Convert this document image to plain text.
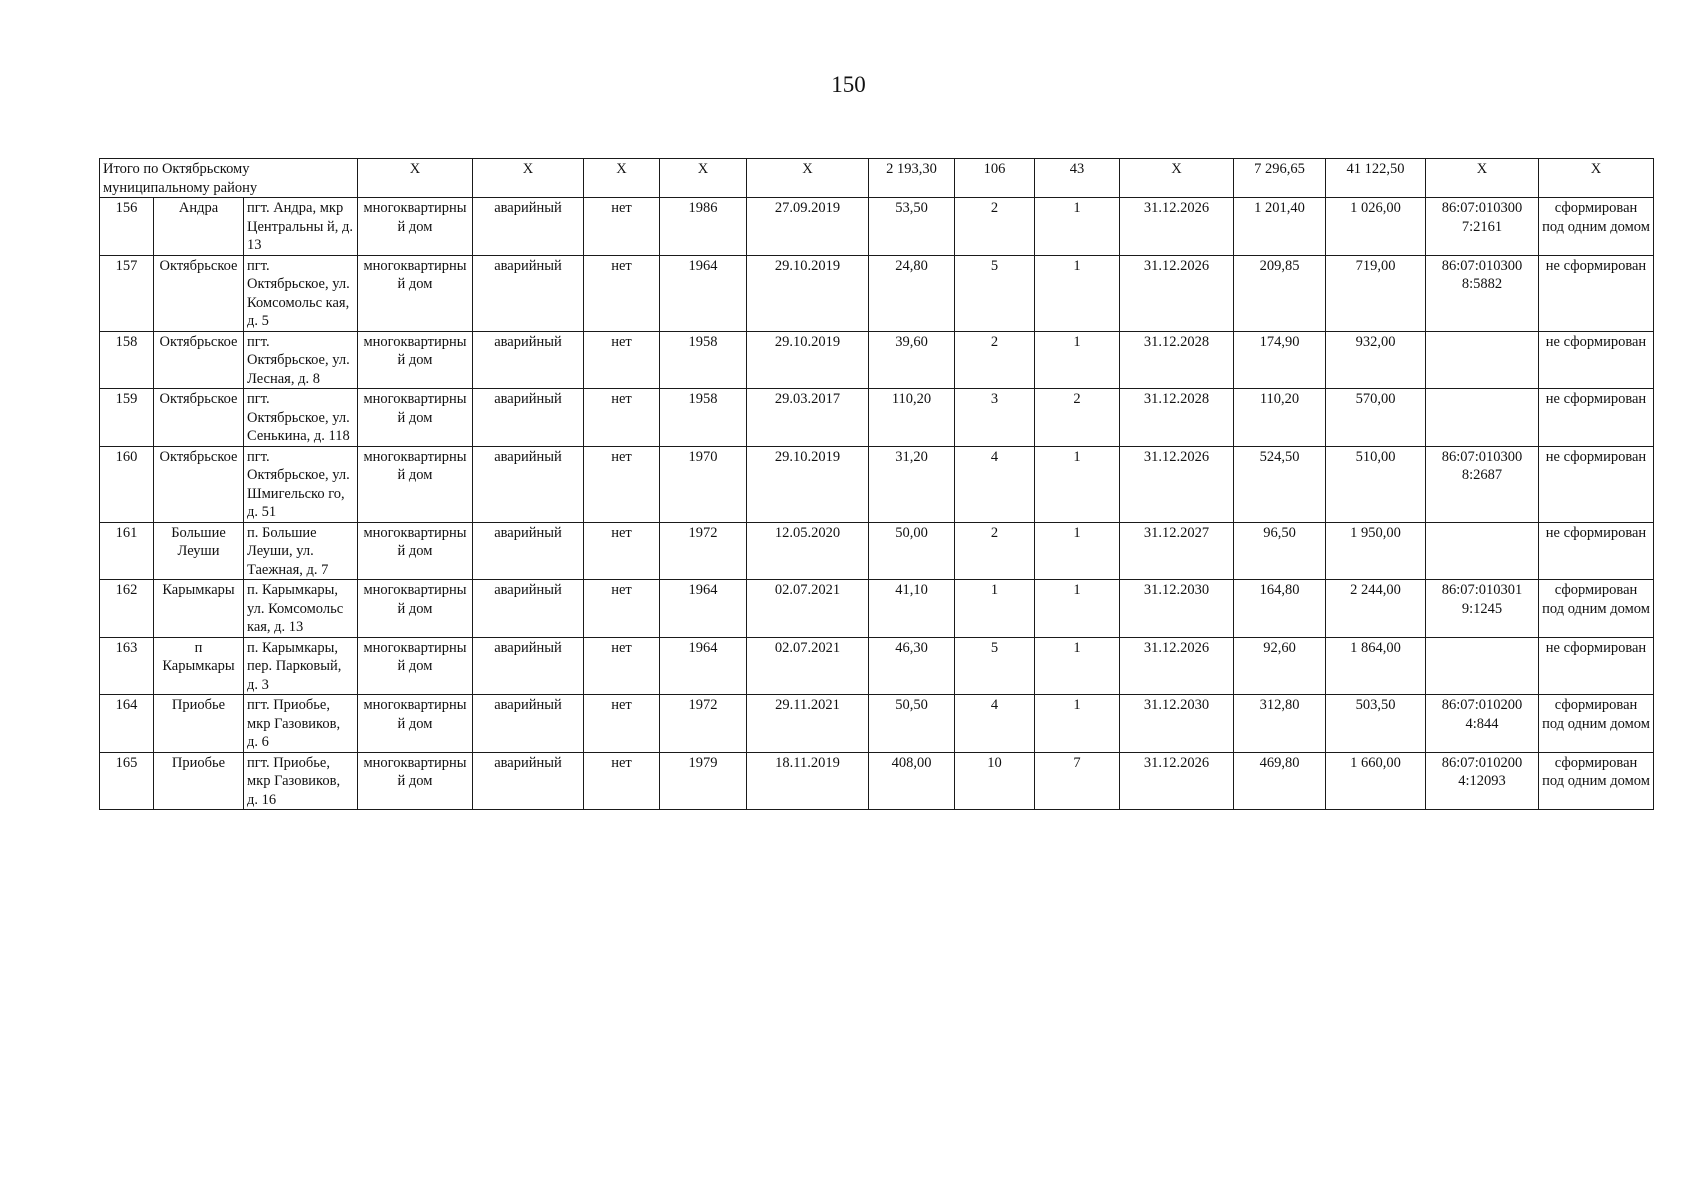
150
Итого по Октябрьскому муниципальному району			X	X	X	X	X	2 193,30	106	43	X	7 296,65	41 122,50	X	X
156	Андра	пгт. Андра, мкр Центральны й, д. 13	многоквартирный дом	аварийный	нет	1986	27.09.2019	53,50	2	1	31.12.2026	1 201,40	1 026,00	86:07:010300 7:2161	сформирован под одним домом
157	Октябрьское	пгт. Октябрьское, ул. Комсомольс кая, д. 5	многоквартирный дом	аварийный	нет	1964	29.10.2019	24,80	5	1	31.12.2026	209,85	719,00	86:07:010300 8:5882	не сформирован
158	Октябрьское	пгт. Октябрьское, ул. Лесная, д. 8	многоквартирный дом	аварийный	нет	1958	29.10.2019	39,60	2	1	31.12.2028	174,90	932,00		не сформирован
159	Октябрьское	пгт. Октябрьское, ул. Сенькина, д. 118	многоквартирный дом	аварийный	нет	1958	29.03.2017	110,20	3	2	31.12.2028	110,20	570,00		не сформирован
160	Октябрьское	пгт. Октябрьское, ул. Шмигельско го, д. 51	многоквартирный дом	аварийный	нет	1970	29.10.2019	31,20	4	1	31.12.2026	524,50	510,00	86:07:010300 8:2687	не сформирован
161	Большие Леуши	п. Большие Леуши, ул. Таежная, д. 7	многоквартирный дом	аварийный	нет	1972	12.05.2020	50,00	2	1	31.12.2027	96,50	1 950,00		не сформирован
162	Карымкары	п. Карымкары, ул. Комсомольс кая, д. 13	многоквартирный дом	аварийный	нет	1964	02.07.2021	41,10	1	1	31.12.2030	164,80	2 244,00	86:07:010301 9:1245	сформирован под одним домом
163	п Карымкары	п. Карымкары, пер. Парковый, д. 3	многоквартирный дом	аварийный	нет	1964	02.07.2021	46,30	5	1	31.12.2026	92,60	1 864,00		не сформирован
164	Приобье	пгт. Приобье, мкр Газовиков, д. 6	многоквартирный дом	аварийный	нет	1972	29.11.2021	50,50	4	1	31.12.2030	312,80	503,50	86:07:010200 4:844	сформирован под одним домом
165	Приобье	пгт. Приобье, мкр Газовиков, д. 16	многоквартирный дом	аварийный	нет	1979	18.11.2019	408,00	10	7	31.12.2026	469,80	1 660,00	86:07:010200 4:12093	сформирован под одним домом
